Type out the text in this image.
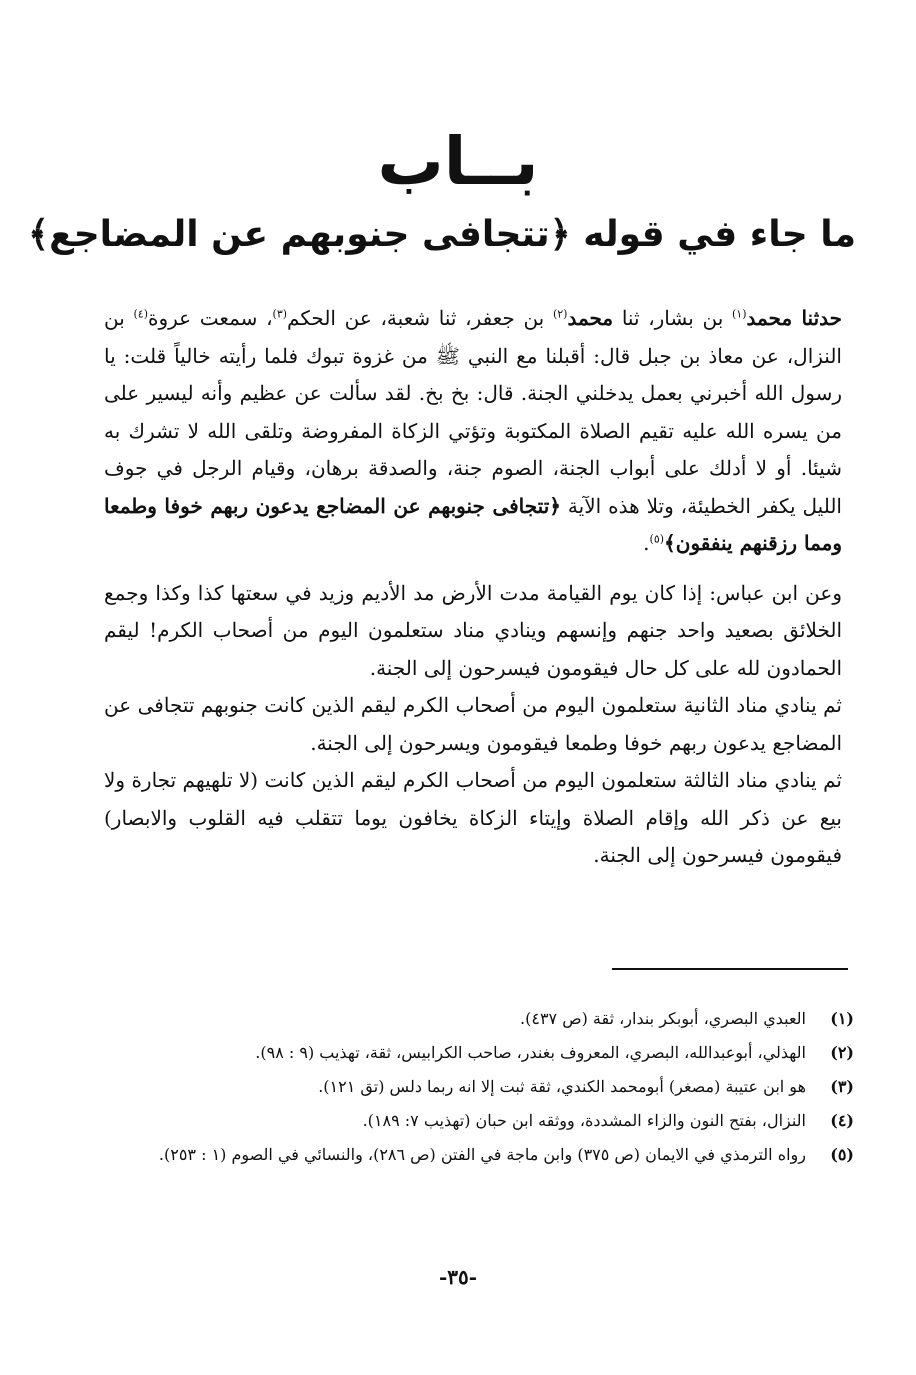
بــاب
ما جاء في قوله ﴿تتجافى جنوبهم عن المضاجع﴾

حدثنا محمد$^{(١)}$ بن بشار، ثنا محمد$^{(٢)}$ بن جعفر، ثنا شعبة، عن الحكم$^{(٣)}$، سمعت عروة$^{(٤)}$ بن النزال، عن معاذ بن جبل قال: أقبلنا مع النبي ﷺ من غزوة تبوك فلما رأيته خالياً قلت: يا رسول الله أخبرني بعمل يدخلني الجنة. قال: بخ بخ. لقد سألت عن عظيم وأنه ليسير على من يسره الله عليه تقيم الصلاة المكتوبة وتؤتي الزكاة المفروضة وتلقى الله لا تشرك به شيئا. أو لا أدلك على أبواب الجنة، الصوم جنة، والصدقة برهان، وقيام الرجل في جوف الليل يكفر الخطيئة، وتلا هذه الآية ﴿تتجافى جنوبهم عن المضاجع يدعون ربهم خوفا وطمعا ومما رزقنهم ينفقون﴾$^{(٥)}$.

وعن ابن عباس: إذا كان يوم القيامة مدت الأرض مد الأديم وزيد في سعتها كذا وكذا وجمع الخلائق بصعيد واحد جنهم وإنسهم وينادي مناد ستعلمون اليوم من أصحاب الكرم! ليقم الحمادون لله على كل حال فيقومون فيسرحون إلى الجنة.

ثم ينادي مناد الثانية ستعلمون اليوم من أصحاب الكرم ليقم الذين كانت جنوبهم تتجافى عن المضاجع يدعون ربهم خوفا وطمعا فيقومون ويسرحون إلى الجنة.

ثم ينادي مناد الثالثة ستعلمون اليوم من أصحاب الكرم ليقم الذين كانت (لا تلهيهم تجارة ولا بيع عن ذكر الله وإقام الصلاة وإيتاء الزكاة يخافون يوما تتقلب فيه القلوب والابصار) فيقومون فيسرحون إلى الجنة.

(١)
العبدي البصري، أبوبكر بندار، ثقة (ص ٤٣٧).
(٢)
الهذلي، أبوعبدالله، البصري، المعروف بغندر، صاحب الكرابيس، ثقة، تهذيب (٩ : ٩٨).
(٣)
هو ابن عتيبة (مصغر) أبومحمد الكندي، ثقة ثبت إلا انه ربما دلس (تق ١٢١).
(٤)
النزال، بفتح النون والزاء المشددة، ووثقه ابن حبان (تهذيب ٧: ١٨٩).
(٥)
رواه الترمذي في الايمان (ص ٣٧٥) وابن ماجة في الفتن (ص ٢٨٦)، والنسائي في الصوم (١ : ٢٥٣).
-٣٥-
